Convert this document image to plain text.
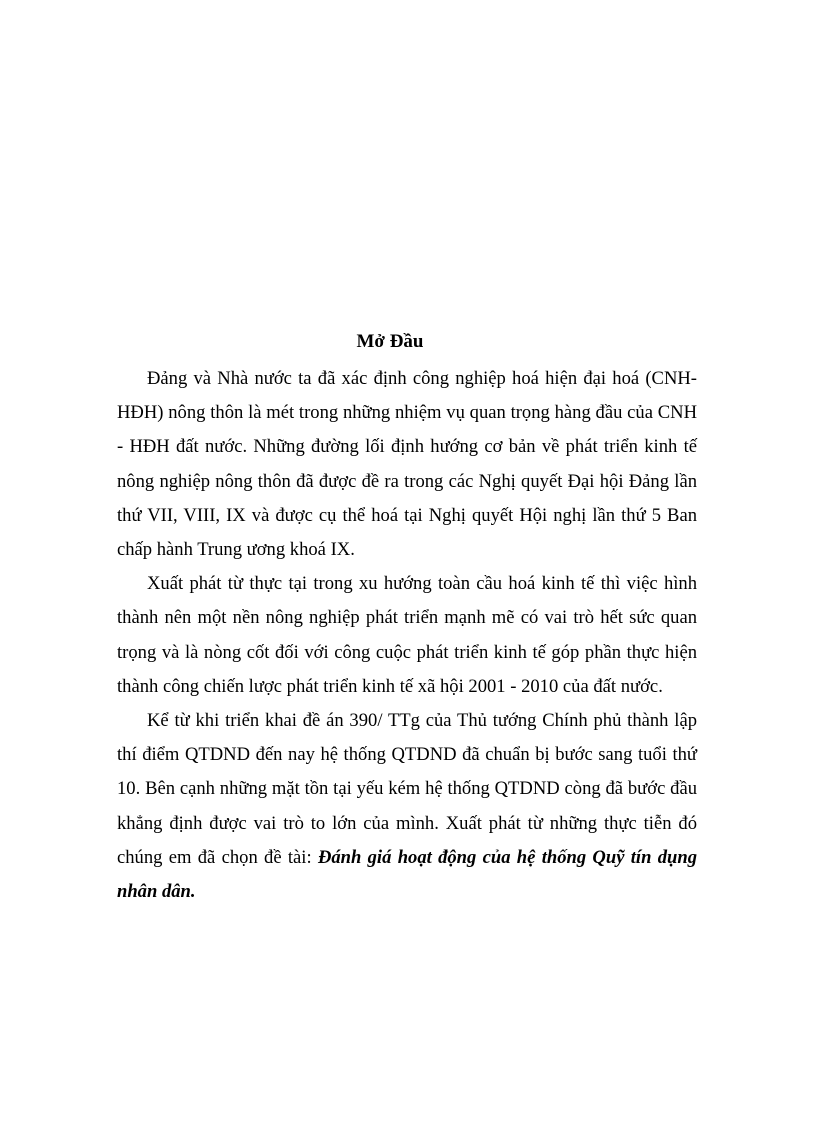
Mở Đầu

Đảng và Nhà nước ta đã xác định công nghiệp hoá hiện đại hoá (CNH-HĐH) nông thôn là mét trong những nhiệm vụ quan trọng hàng đầu của CNH - HĐH đất nước. Những đường lối định hướng cơ bản về phát triển kinh tế nông nghiệp nông thôn đã được đề ra trong các Nghị quyết Đại hội Đảng lần thứ VII, VIII, IX và được cụ thể hoá tại Nghị quyết Hội nghị lần thứ 5 Ban chấp hành Trung ương khoá IX.

Xuất phát từ thực tại trong xu hướng toàn cầu hoá kinh tế thì việc hình thành nên một nền nông nghiệp phát triển mạnh mẽ có vai trò hết sức quan trọng và là nòng cốt đối với công cuộc phát triển kinh tế góp phần thực hiện thành công chiến lược phát triển kinh tế xã hội 2001 - 2010 của đất nước.

Kể từ khi triển khai đề án 390/ TTg của Thủ tướng Chính phủ thành lập thí điểm QTDND đến nay hệ thống QTDND đã chuẩn bị bước sang tuổi thứ 10. Bên cạnh những mặt tồn tại yếu kém hệ thống QTDND còng đã bước đầu khẳng định được vai trò to lớn của mình. Xuất phát từ những thực tiễn đó chúng em đã chọn đề tài: Đánh giá hoạt động của hệ thống Quỹ tín dụng nhân dân.
